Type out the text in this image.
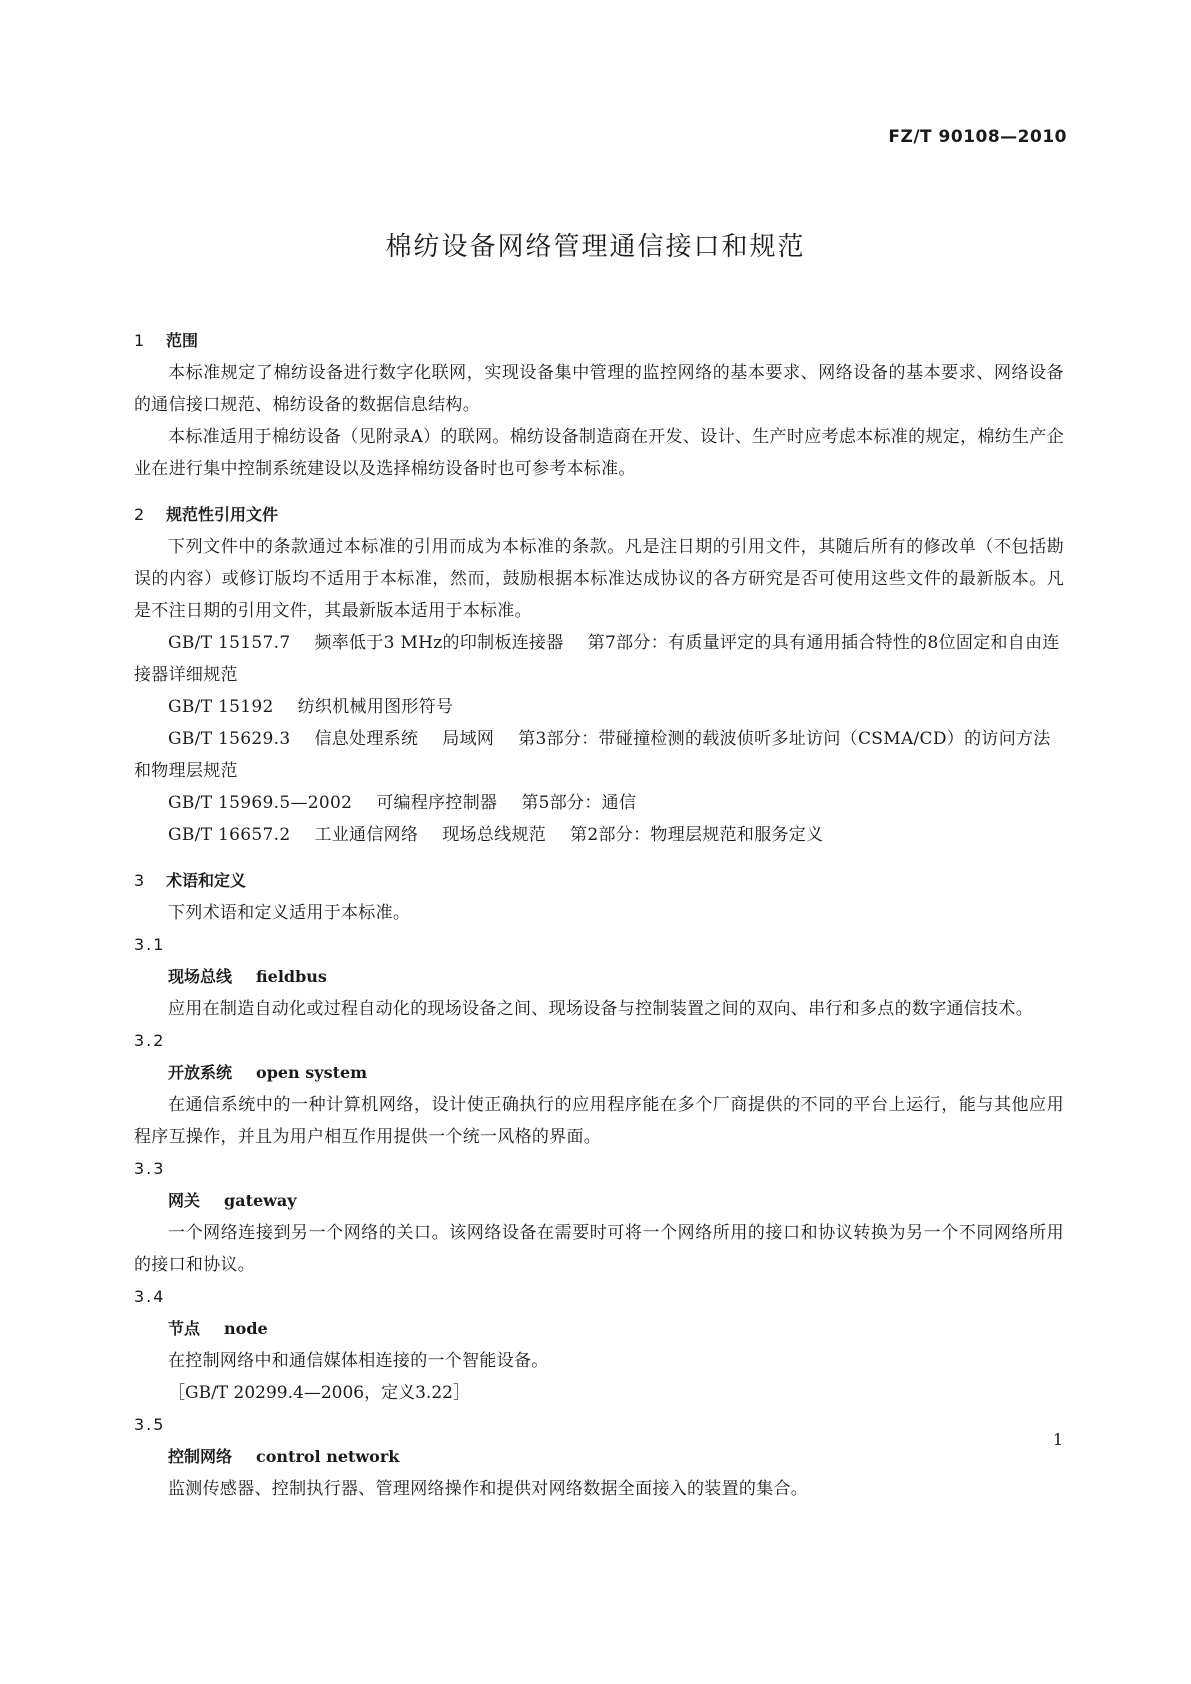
FZ/T 90108—2010
棉纺设备网络管理通信接口和规范
1 范围

本标准规定了棉纺设备进行数字化联网，实现设备集中管理的监控网络的基本要求、网络设备的基本要求、网络设备的通信接口规范、棉纺设备的数据信息结构。

本标准适用于棉纺设备（见附录A）的联网。棉纺设备制造商在开发、设计、生产时应考虑本标准的规定，棉纺生产企业在进行集中控制系统建设以及选择棉纺设备时也可参考本标准。

2 规范性引用文件

下列文件中的条款通过本标准的引用而成为本标准的条款。凡是注日期的引用文件，其随后所有的修改单（不包括勘误的内容）或修订版均不适用于本标准，然而，鼓励根据本标准达成协议的各方研究是否可使用这些文件的最新版本。凡是不注日期的引用文件，其最新版本适用于本标准。

GB/T 15157.7 频率低于3 MHz的印制板连接器 第7部分：有质量评定的具有通用插合特性的8位固定和自由连接器详细规范

GB/T 15192 纺织机械用图形符号

GB/T 15629.3 信息处理系统 局域网 第3部分：带碰撞检测的载波侦听多址访问（CSMA/CD）的访问方法和物理层规范

GB/T 15969.5—2002 可编程序控制器 第5部分：通信

GB/T 16657.2 工业通信网络 现场总线规范 第2部分：物理层规范和服务定义

3 术语和定义

下列术语和定义适用于本标准。

3.1
现场总线 fieldbus

应用在制造自动化或过程自动化的现场设备之间、现场设备与控制装置之间的双向、串行和多点的数字通信技术。

3.2
开放系统 open system

在通信系统中的一种计算机网络，设计使正确执行的应用程序能在多个厂商提供的不同的平台上运行，能与其他应用程序互操作，并且为用户相互作用提供一个统一风格的界面。

3.3
网关 gateway

一个网络连接到另一个网络的关口。该网络设备在需要时可将一个网络所用的接口和协议转换为另一个不同网络所用的接口和协议。

3.4
节点 node

在控制网络中和通信媒体相连接的一个智能设备。

［GB/T 20299.4—2006，定义3.22］
3.5
控制网络 control network

监测传感器、控制执行器、管理网络操作和提供对网络数据全面接入的装置的集合。

1
